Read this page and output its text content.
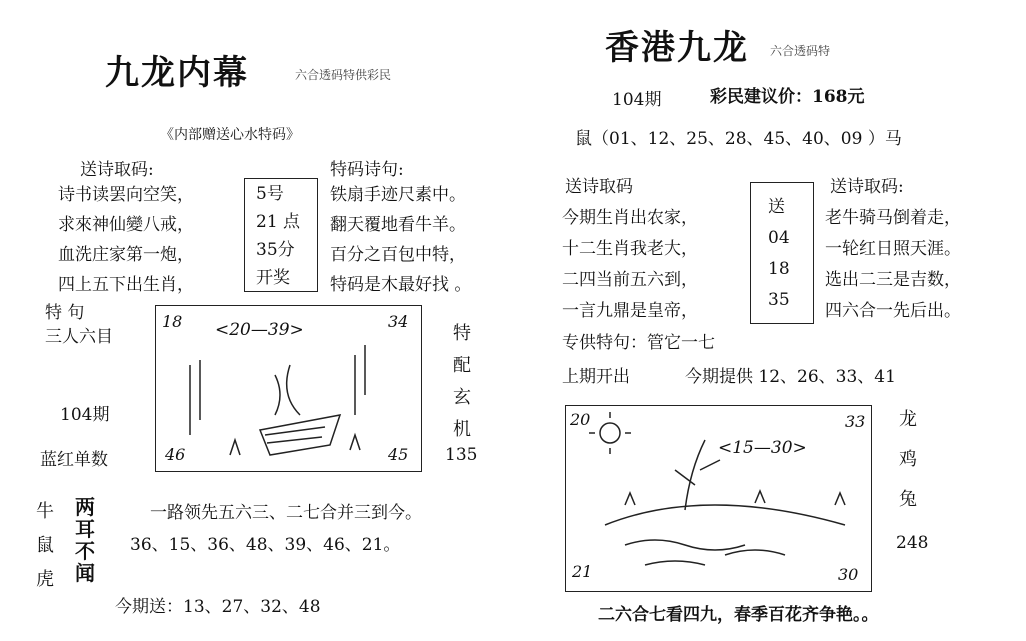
九龙内幕	六合透码特供彩民
《内部赠送心水特码》
送诗取码:	特码诗句:
诗书读罢向空笑，
求來神仙變八戒，
血洗庄家第一炮，
四上五下出生肖，
5号
21 点
35分
开奖
铁扇手迹尺素中。
翻天覆地看牛羊。
百分之百包中特，
特码是木最好找 。
特 句
三人六目
104期
蓝红单数	135
18	34
46	45
<20—39>	特
配
玄
机
牛
鼠
虎
两
耳
不
闻
一路领先五六三、二七合并三到今。
36、15、36、48、39、46、21。
今期送：13、27、32、48
香港九龙 六合透码特
104期	彩民建议价：168元
鼠（01、12、25、28、45、40、09 ）马
送诗取码	送诗取码:
今期生肖出农家，
十二生肖我老大，
二四当前五六到，
一言九鼎是皇帝，
送
04
18
35
老牛骑马倒着走，
一轮红日照天涯。
选出二三是吉数，
四六合一先后出。
专供特句：管它一七
上期开出	今期提供 12、26、33、41
20	33
21	30
<15—30>
龙
鸡
兔
248
二六合七看四九，春季百花齐争艳。。
